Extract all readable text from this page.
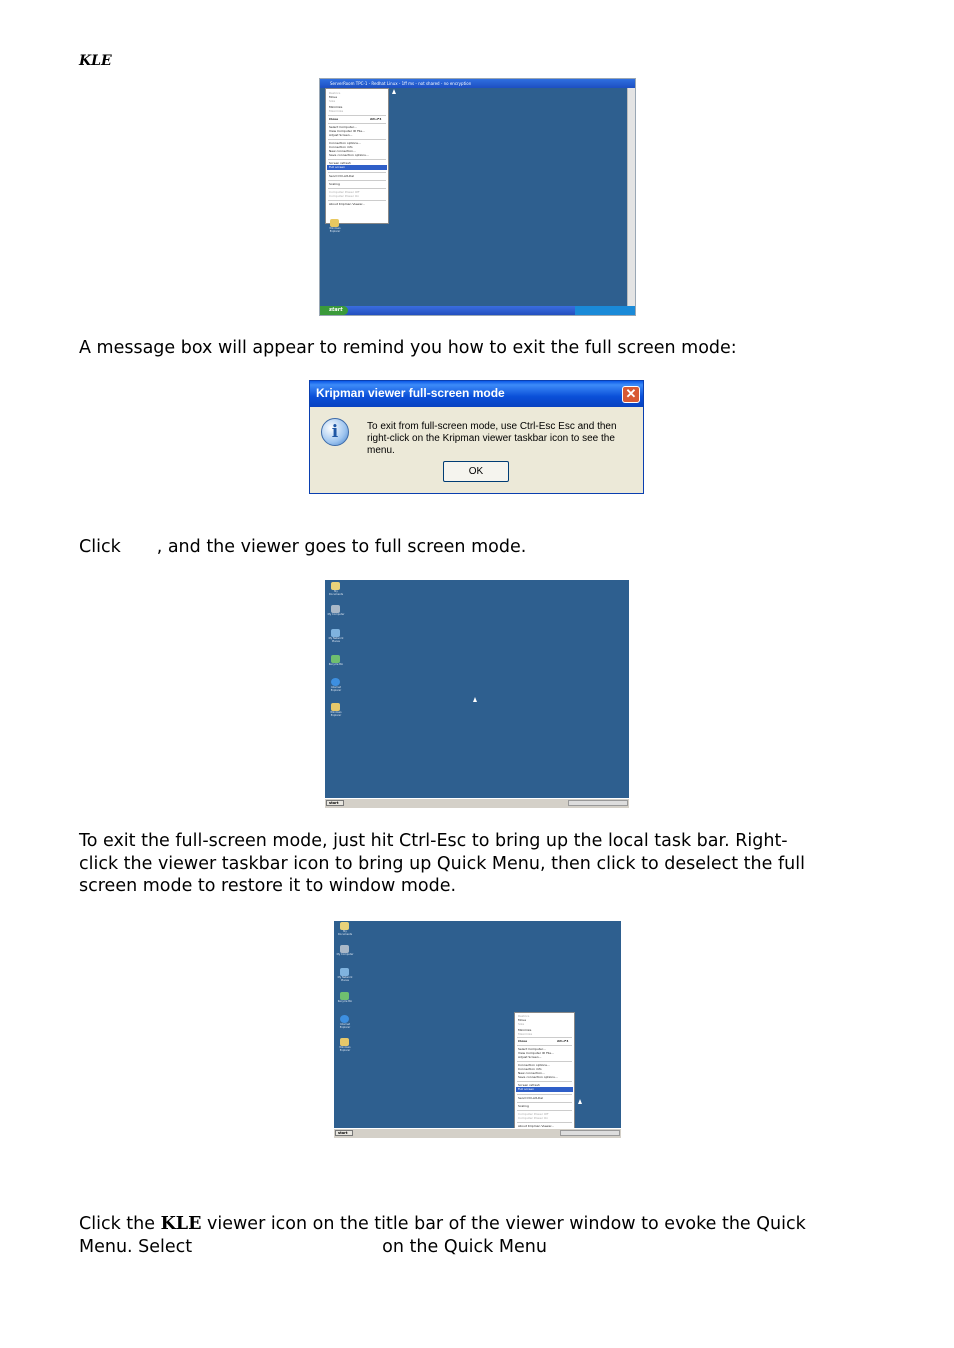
KLE
ServerRoom TPC-1 - Redhat Linux - 1ff ms - not shared - no encryption
Restore
Move
Size
Minimize
Maximize
Close	Alt+F4
Select Computer...
View Computer ID File...
Adjust Screen...
Connection options...
Connection info
New connection...
Save connection options...
Screen refresh
Full screen
Send Ctrl-Alt-Del
Scaling
Computer Power Off
Computer Power On
About Kripman Viewer...
Windows Explorer
start

A message box will appear to remind you how to exit the full screen mode:

Kripman viewer full-screen mode	✕
i	To exit from full-screen mode, use Ctrl-Esc Esc and then
right-click on the Kripman viewer taskbar icon to see the menu.
OK

Click , and the viewer goes to full screen mode.

My Documents
My Computer
My Network Places
Recycle Bin
Internet Explorer
Windows Explorer
start

To exit the full-screen mode, just hit Ctrl-Esc to bring up the local task bar. Right-
click the viewer taskbar icon to bring up Quick Menu, then click to deselect the full
screen mode to restore it to window mode.

My Documents
My Computer
My Network Places
Recycle Bin
Internet Explorer
Windows Explorer
Restore
Move
Size
Minimize
Maximize
Close	Alt+F4
Select Computer...
View Computer ID File...
Adjust Screen...
Connection options...
Connection info
New connection...
Save connection options...
Screen refresh
Full screen
Send Ctrl-Alt-Del
Scaling
Computer Power Off
Computer Power On
About Kripman Viewer...
start

Click the KLE viewer icon on the title bar of the viewer window to evoke the Quick
Menu. Select	on the Quick Menu
